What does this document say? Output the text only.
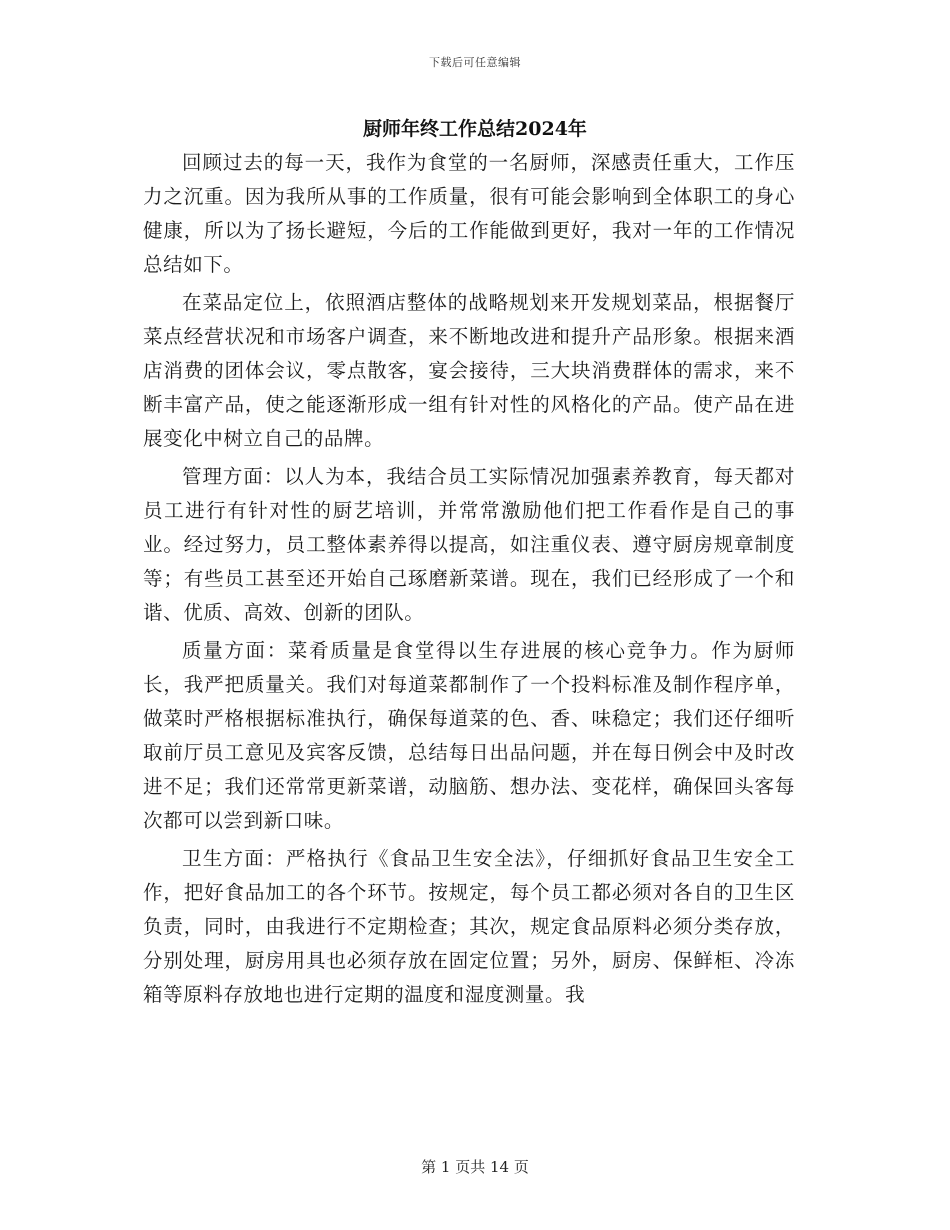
下载后可任意编辑
厨师年终工作总结2024年

回顾过去的每一天，我作为食堂的一名厨师，深感责任重大，工作压力之沉重。因为我所从事的工作质量，很有可能会影响到全体职工的身心健康，所以为了扬长避短，今后的工作能做到更好，我对一年的工作情况总结如下。

在菜品定位上，依照酒店整体的战略规划来开发规划菜品，根据餐厅菜点经营状况和市场客户调查，来不断地改进和提升产品形象。根据来酒店消费的团体会议，零点散客，宴会接待，三大块消费群体的需求，来不断丰富产品，使之能逐渐形成一组有针对性的风格化的产品。使产品在进展变化中树立自己的品牌。

管理方面：以人为本，我结合员工实际情况加强素养教育，每天都对员工进行有针对性的厨艺培训，并常常激励他们把工作看作是自己的事业。经过努力，员工整体素养得以提高，如注重仪表、遵守厨房规章制度等；有些员工甚至还开始自己琢磨新菜谱。现在，我们已经形成了一个和谐、优质、高效、创新的团队。

质量方面：菜肴质量是食堂得以生存进展的核心竞争力。作为厨师长，我严把质量关。我们对每道菜都制作了一个投料标准及制作程序单，做菜时严格根据标准执行，确保每道菜的色、香、味稳定；我们还仔细听取前厅员工意见及宾客反馈，总结每日出品问题，并在每日例会中及时改进不足；我们还常常更新菜谱，动脑筋、想办法、变花样，确保回头客每次都可以尝到新口味。

卫生方面：严格执行《食品卫生安全法》，仔细抓好食品卫生安全工作，把好食品加工的各个环节。按规定，每个员工都必须对各自的卫生区负责，同时，由我进行不定期检查；其次，规定食品原料必须分类存放，分别处理，厨房用具也必须存放在固定位置；另外，厨房、保鲜柜、冷冻箱等原料存放地也进行定期的温度和湿度测量。我

第 1 页共 14 页
